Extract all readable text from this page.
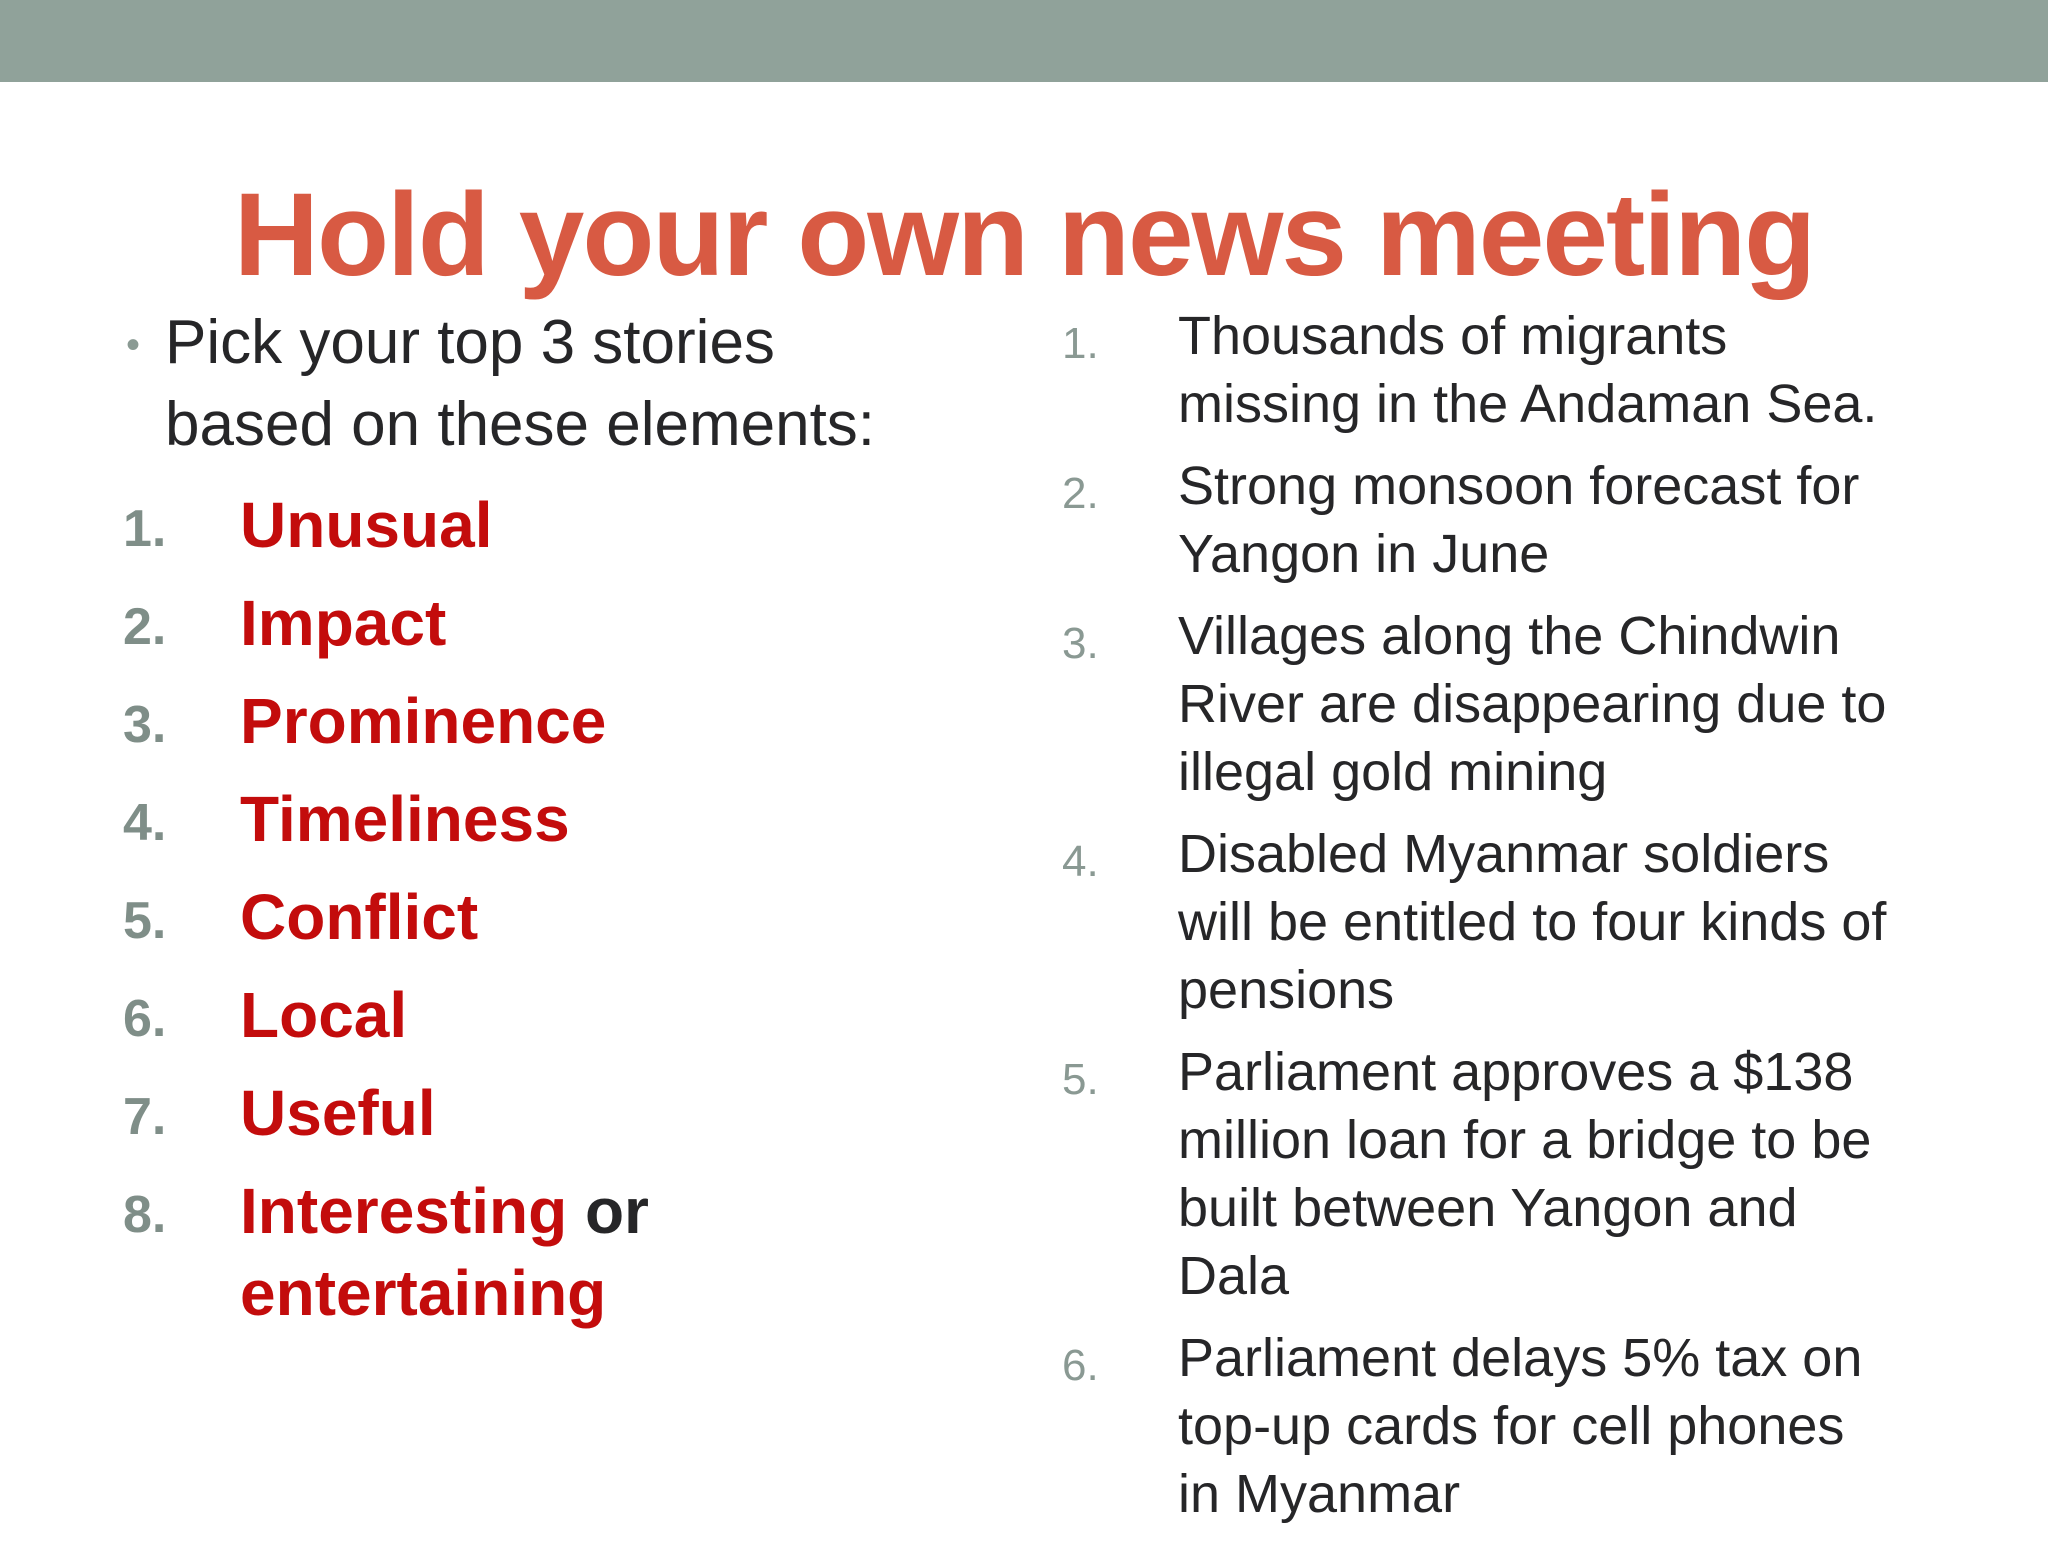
Hold your own news meeting
• Pick your top 3 stories
based on these elements:
1. Unusual
2. Impact
3. Prominence
4. Timeliness
5. Conflict
6. Local
7. Useful
8. Interesting or
entertaining
1. Thousands of migrants
missing in the Andaman Sea.
2. Strong monsoon forecast for
Yangon in June
3. Villages along the Chindwin
River are disappearing due to
illegal gold mining
4. Disabled Myanmar soldiers
will be entitled to four kinds of
pensions
5. Parliament approves a $138
million loan for a bridge to be
built between Yangon and
Dala
6. Parliament delays 5% tax on
top-up cards for cell phones
in Myanmar
